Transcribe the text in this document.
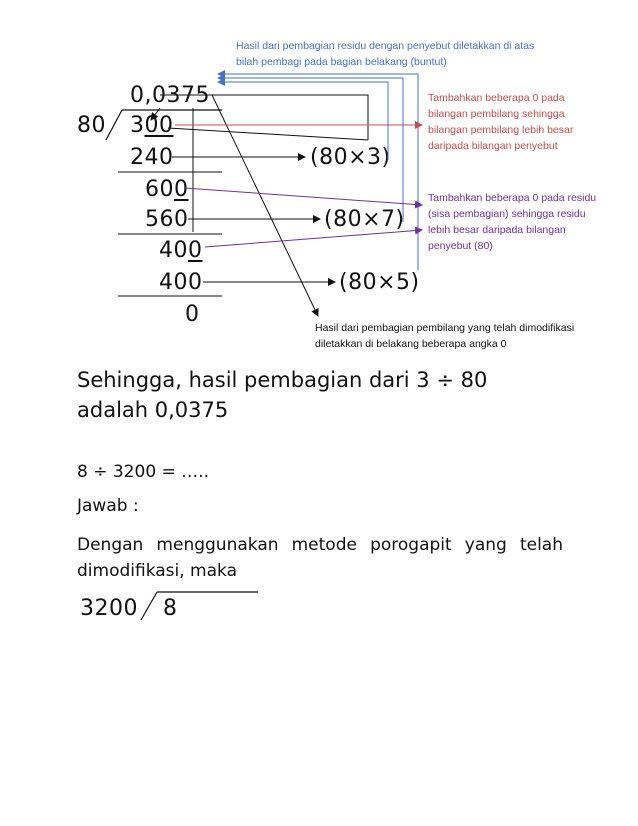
Hasil dari pembagian residu dengan penyebut diletakkan di atas bilah pembagi pada bagian belakang (buntut)
0,0375
80 300
240	(80×3)
600
560	(80×7)
400
400	(80×5)
0
Tambahkan beberapa 0 pada bilangan pembilang sehingga bilangan pembilang lebih besar daripada bilangan penyebut
Tambahkan beberapa 0 pada residu (sisa pembagian) sehingga residu lebih besar daripada bilangan penyebut (80)
Hasil dari pembagian pembilang yang telah dimodifikasi diletakkan di belakang beberapa angka 0
Sehingga, hasil pembagian dari 3 ÷ 80 adalah 0,0375
8 ÷ 3200 = …..
Jawab :
Dengan menggunakan metode porogapit yang telah dimodifikasi, maka
3200 8
